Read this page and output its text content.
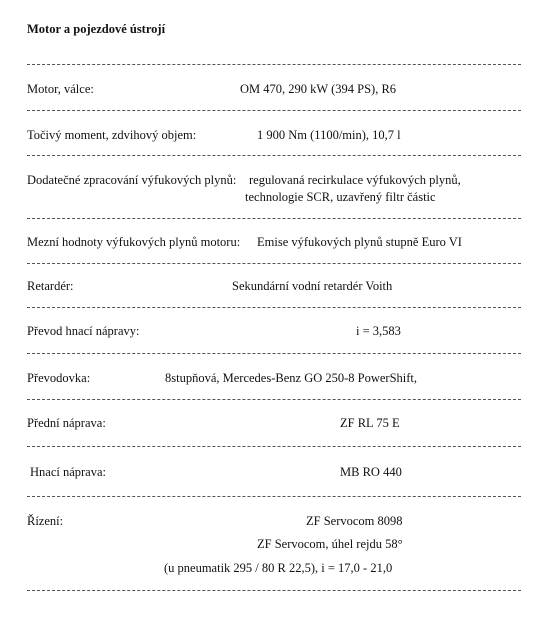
Motor a pojezdové ústrojí
Motor, válce:	OM 470, 290 kW (394 PS), R6
Točivý moment, zdvihový objem:	1 900 Nm (1100/min), 10,7 l
Dodatečné zpracování výfukových plynů: regulovaná recirkulace výfukových plynů,
technologie SCR, uzavřený filtr částic
Mezní hodnoty výfukových plynů motoru: Emise výfukových plynů stupně Euro VI
Retardér:	Sekundární vodní retardér Voith
Převod hnací nápravy:	i = 3,583
Převodovka:	8stupňová, Mercedes-Benz GO 250-8 PowerShift,
Přední náprava:	ZF RL 75 E
Hnací náprava:	MB RO 440
Řízení:	ZF Servocom 8098
ZF Servocom, úhel rejdu 58°
(u pneumatik 295 / 80 R 22,5), i = 17,0 - 21,0
